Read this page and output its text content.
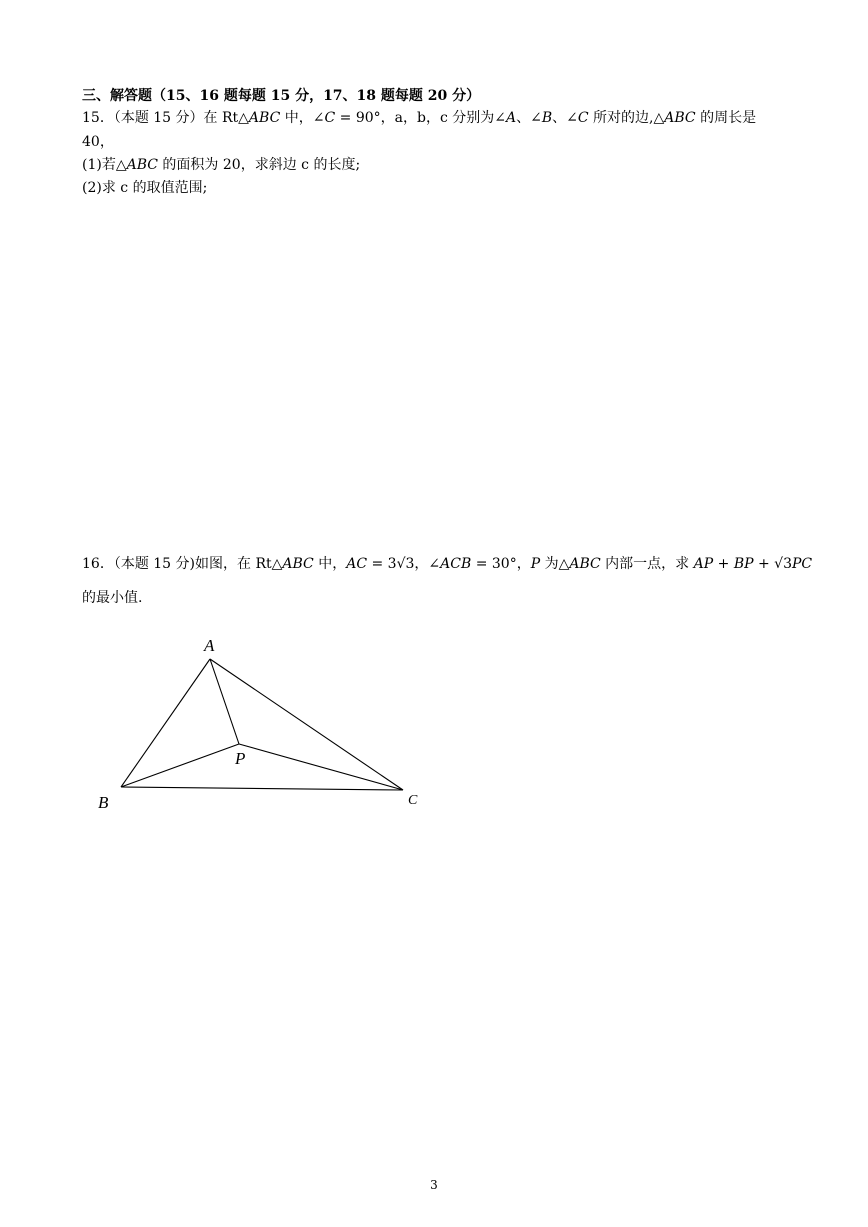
三、解答题（15、16 题每题 15 分，17、18 题每题 20 分）
15．（本题 15 分）在 Rt△ABC 中，∠C = 90°，a，b，c 分别为∠A、∠B、∠C 所对的边,△ABC 的周长是
40，
(1)若△ABC 的面积为 20，求斜边 c 的长度;
(2)求 c 的取值范围;
16．（本题 15 分)如图，在 Rt△ABC 中，AC = 3√3，∠ACB = 30°，P 为△ABC 内部一点，求 AP + BP + √3PC
的最小值.
A
B	C
P
3
